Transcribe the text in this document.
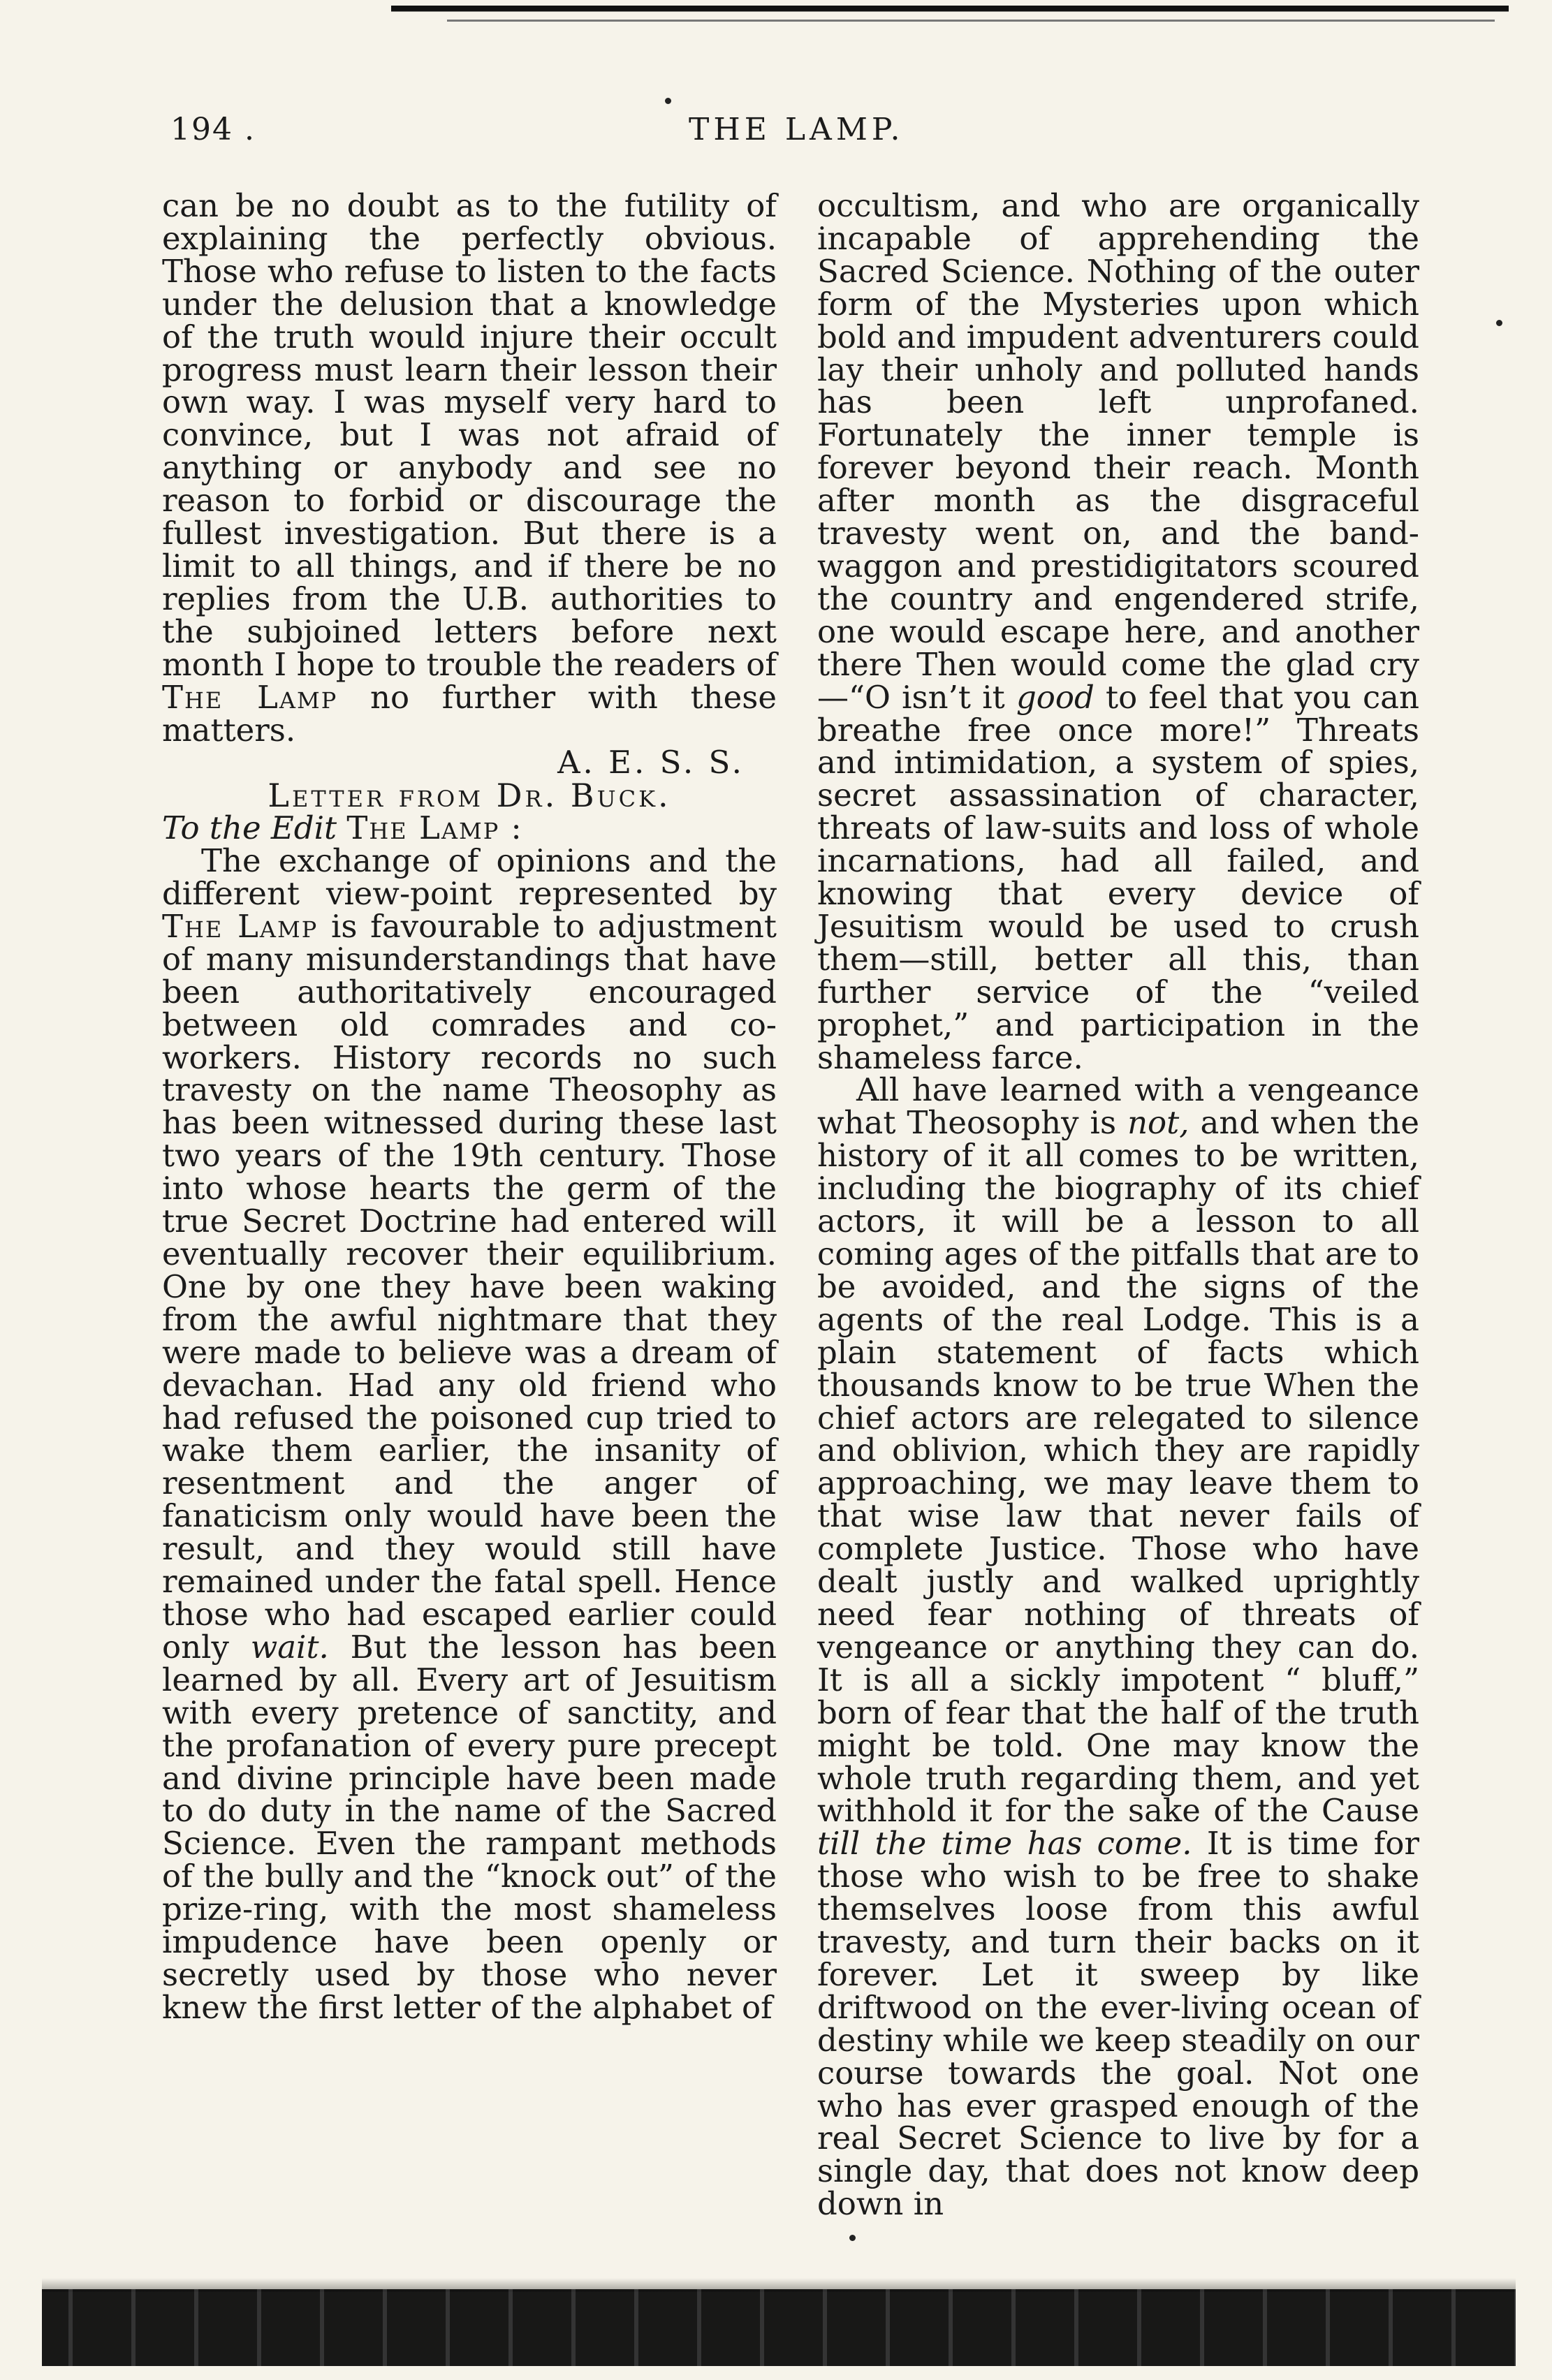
194 .	THE LAMP.

can be no doubt as to the futility of explaining the perfectly obvious. Those who refuse to listen to the facts under the delusion that a knowledge of the truth would injure their occult progress must learn their lesson their own way. I was myself very hard to convince, but I was not afraid of anything or anybody and see no reason to forbid or discourage the fullest investigation. But there is a limit to all things, and if there be no replies from the U.B. authorities to the subjoined letters before next month I hope to trouble the readers of The Lamp no further with these matters.

A. E. S. S.

Letter from Dr. Buck.

To the Edit The Lamp :

The exchange of opinions and the different view-point represented by The Lamp is favourable to adjustment of many misunderstandings that have been authoritatively encouraged between old comrades and co-workers. History records no such travesty on the name Theosophy as has been witnessed during these last two years of the 19th century. Those into whose hearts the germ of the true Secret Doctrine had entered will eventually recover their equilibrium. One by one they have been waking from the awful nightmare that they were made to believe was a dream of devachan. Had any old friend who had refused the poisoned cup tried to wake them earlier, the insanity of resentment and the anger of fanaticism only would have been the result, and they would still have remained under the fatal spell. Hence those who had escaped earlier could only wait. But the lesson has been learned by all. Every art of Jesuitism with every pretence of sanctity, and the profanation of every pure precept and divine principle have been made to do duty in the name of the Sacred Science. Even the rampant methods of the bully and the “knock out” of the prize-ring, with the most shameless impudence have been openly or secretly used by those who never knew the first letter of the alphabet of

occultism, and who are organically incapable of apprehending the Sacred Science. Nothing of the outer form of the Mysteries upon which bold and impudent adventurers could lay their unholy and polluted hands has been left unprofaned. Fortunately the inner temple is forever beyond their reach. Month after month as the disgraceful travesty went on, and the band-waggon and prestidigitators scoured the country and engendered strife, one would escape here, and another there Then would come the glad cry—“O isn’t it good to feel that you can breathe free once more!” Threats and intimidation, a system of spies, secret assassination of character, threats of law-suits and loss of whole incarnations, had all failed, and knowing that every device of Jesuitism would be used to crush them—still, better all this, than further service of the “veiled prophet,” and participation in the shameless farce.

All have learned with a vengeance what Theosophy is not, and when the history of it all comes to be written, including the biography of its chief actors, it will be a lesson to all coming ages of the pitfalls that are to be avoided, and the signs of the agents of the real Lodge. This is a plain statement of facts which thousands know to be true When the chief actors are relegated to silence and oblivion, which they are rapidly approaching, we may leave them to that wise law that never fails of complete Justice. Those who have dealt justly and walked uprightly need fear nothing of threats of vengeance or anything they can do. It is all a sickly impotent “ bluff,” born of fear that the half of the truth might be told. One may know the whole truth regarding them, and yet withhold it for the sake of the Cause till the time has come. It is time for those who wish to be free to shake themselves loose from this awful travesty, and turn their backs on it forever. Let it sweep by like driftwood on the ever-living ocean of destiny while we keep steadily on our course towards the goal. Not one who has ever grasped enough of the real Secret Science to live by for a single day, that does not know deep down in
